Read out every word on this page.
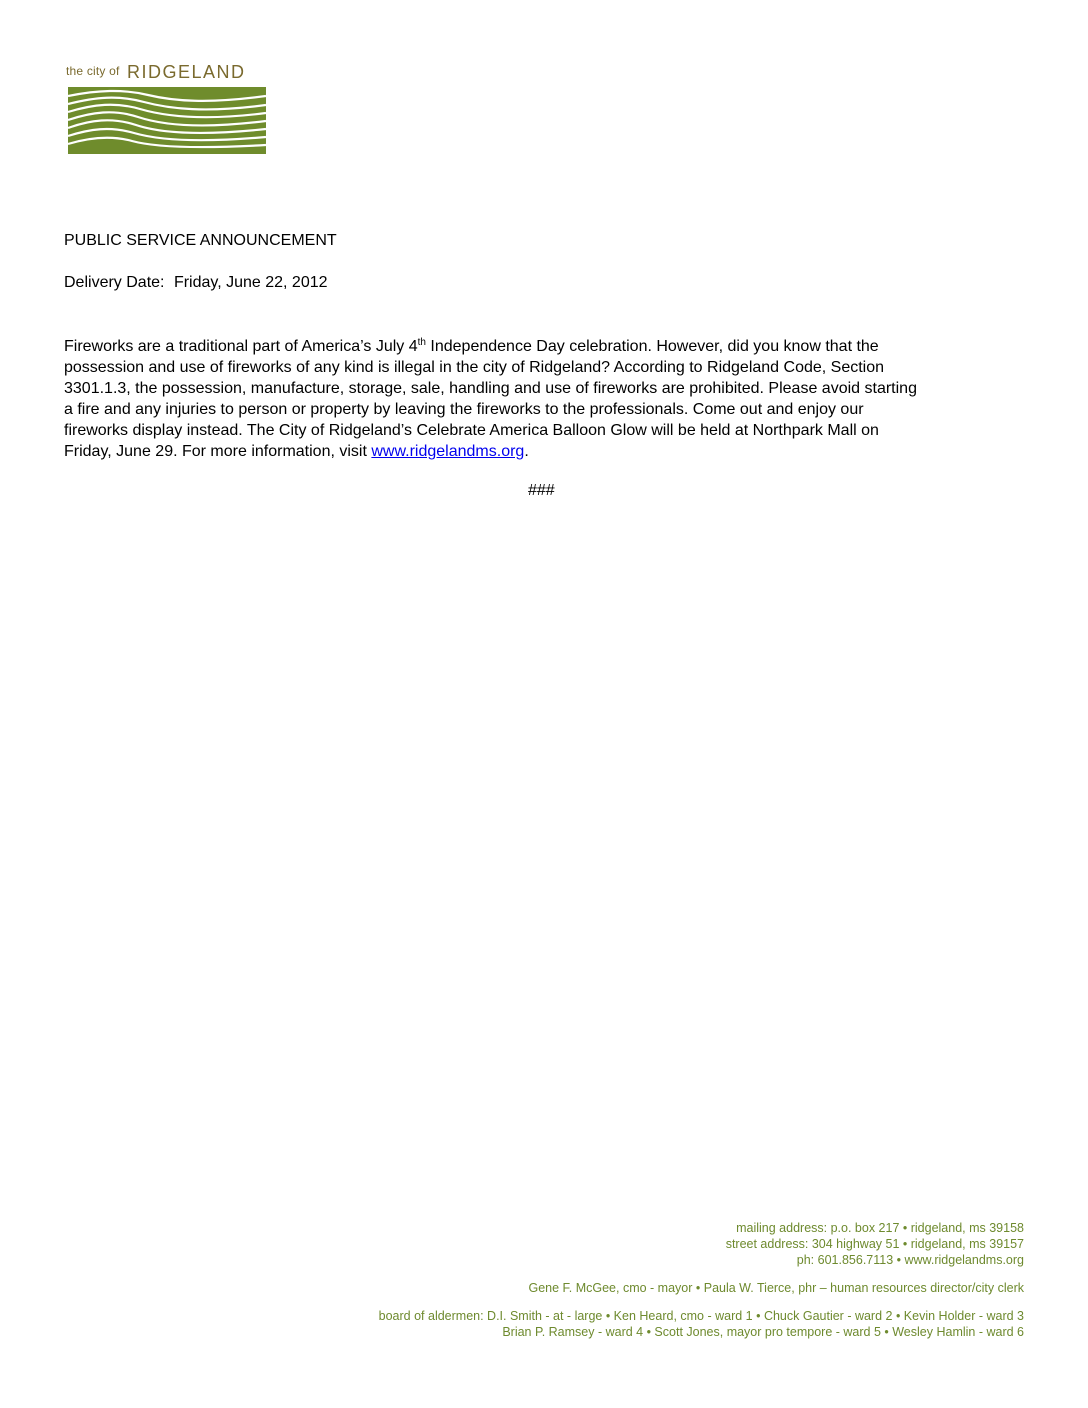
the city of RIDGELAND
PUBLIC SERVICE ANNOUNCEMENT
Delivery Date: Friday, June 22, 2012
Fireworks are a traditional part of America’s July 4th Independence Day celebration. However, did you know that the
possession and use of fireworks of any kind is illegal in the city of Ridgeland? According to Ridgeland Code, Section
3301.1.3, the possession, manufacture, storage, sale, handling and use of fireworks are prohibited. Please avoid starting
a fire and any injuries to person or property by leaving the fireworks to the professionals. Come out and enjoy our
fireworks display instead. The City of Ridgeland’s Celebrate America Balloon Glow will be held at Northpark Mall on
Friday, June 29. For more information, visit www.ridgelandms.org.
###
mailing address: p.o. box 217 • ridgeland, ms 39158
street address: 304 highway 51 • ridgeland, ms 39157
ph: 601.856.7113 • www.ridgelandms.org
Gene F. McGee, cmo - mayor • Paula W. Tierce, phr – human resources director/city clerk
board of aldermen: D.I. Smith - at - large • Ken Heard, cmo - ward 1 • Chuck Gautier - ward 2 • Kevin Holder - ward 3
Brian P. Ramsey - ward 4 • Scott Jones, mayor pro tempore - ward 5 • Wesley Hamlin - ward 6
